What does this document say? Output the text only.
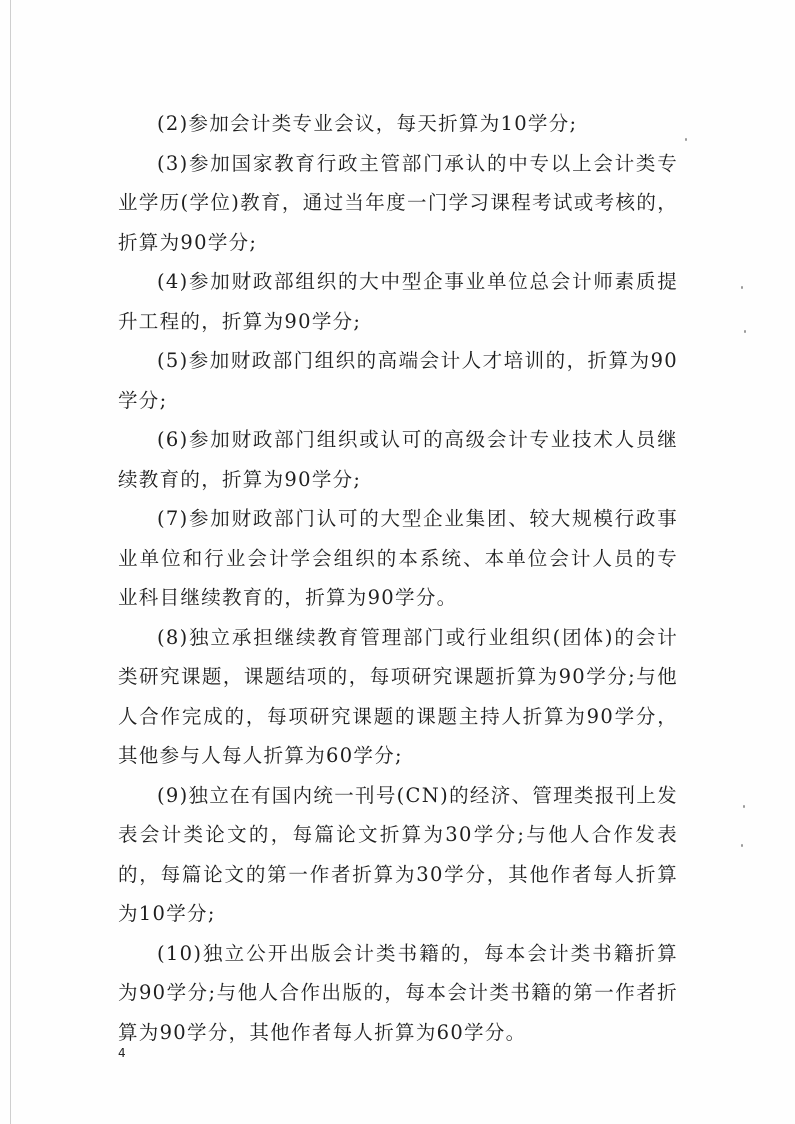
(2)参加会计类专业会议，每天折算为10学分;

(3)参加国家教育行政主管部门承认的中专以上会计类专业学历(学位)教育，通过当年度一门学习课程考试或考核的，折算为90学分;

(4)参加财政部组织的大中型企事业单位总会计师素质提升工程的，折算为90学分;

(5)参加财政部门组织的高端会计人才培训的，折算为90学分;

(6)参加财政部门组织或认可的高级会计专业技术人员继续教育的，折算为90学分;

(7)参加财政部门认可的大型企业集团、较大规模行政事业单位和行业会计学会组织的本系统、本单位会计人员的专业科目继续教育的，折算为90学分。

(8)独立承担继续教育管理部门或行业组织(团体)的会计类研究课题，课题结项的，每项研究课题折算为90学分;与他人合作完成的，每项研究课题的课题主持人折算为90学分，其他参与人每人折算为60学分;

(9)独立在有国内统一刊号(CN)的经济、管理类报刊上发表会计类论文的，每篇论文折算为30学分;与他人合作发表的，每篇论文的第一作者折算为30学分，其他作者每人折算为10学分;

(10)独立公开出版会计类书籍的，每本会计类书籍折算为90学分;与他人合作出版的，每本会计类书籍的第一作者折算为90学分，其他作者每人折算为60学分。

4
